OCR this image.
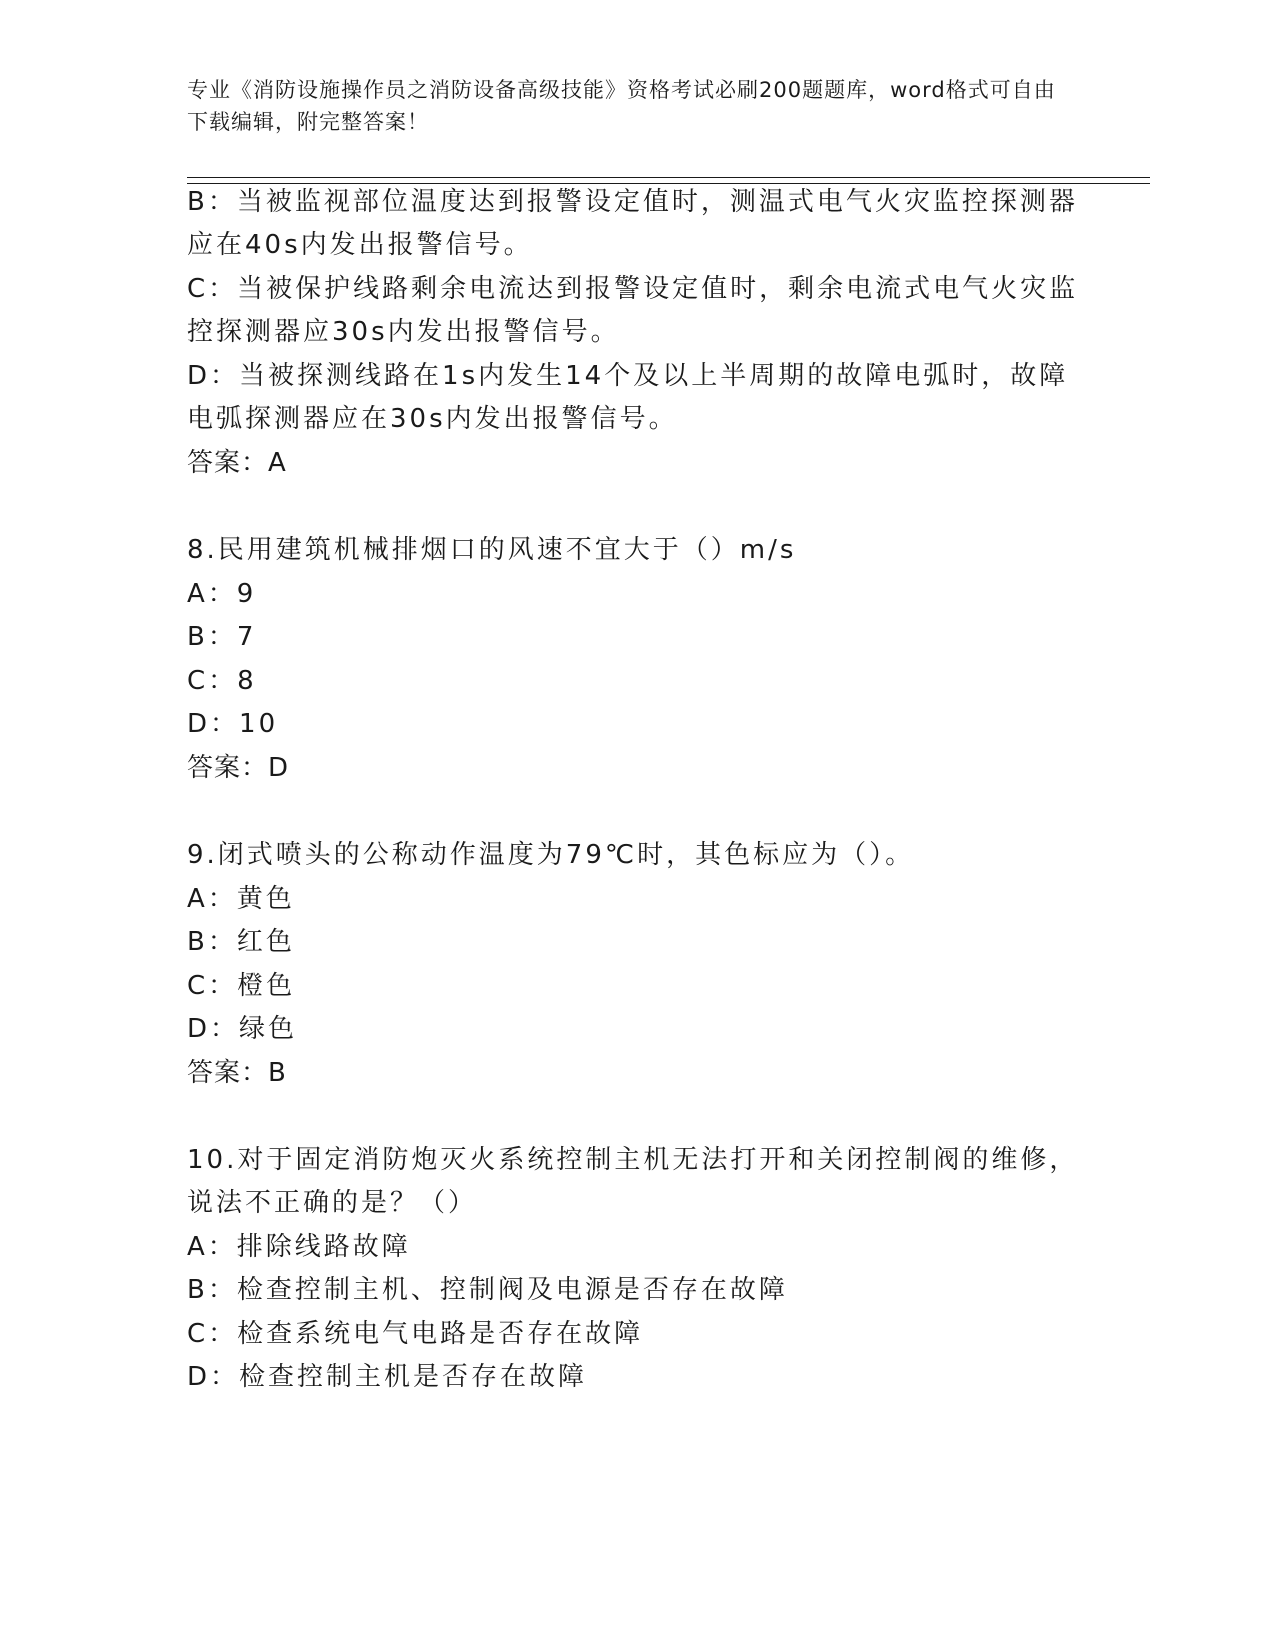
专业《消防设施操作员之消防设备高级技能》资格考试必刷200题题库，word格式可自由下载编辑，附完整答案！
B：当被监视部位温度达到报警设定值时，测温式电气火灾监控探测器
应在40s内发出报警信号。
C：当被保护线路剩余电流达到报警设定值时，剩余电流式电气火灾监
控探测器应30s内发出报警信号。
D：当被探测线路在1s内发生14个及以上半周期的故障电弧时，故障
电弧探测器应在30s内发出报警信号。
答案：A
8.民用建筑机械排烟口的风速不宜大于（）m/s
A：9
B：7
C：8
D：10
答案：D
9.闭式喷头的公称动作温度为79℃时，其色标应为（）。
A：黄色
B：红色
C：橙色
D：绿色
答案：B
10.对于固定消防炮灭火系统控制主机无法打开和关闭控制阀的维修，
说法不正确的是？（）
A：排除线路故障
B：检查控制主机、控制阀及电源是否存在故障
C：检查系统电气电路是否存在故障
D：检查控制主机是否存在故障
